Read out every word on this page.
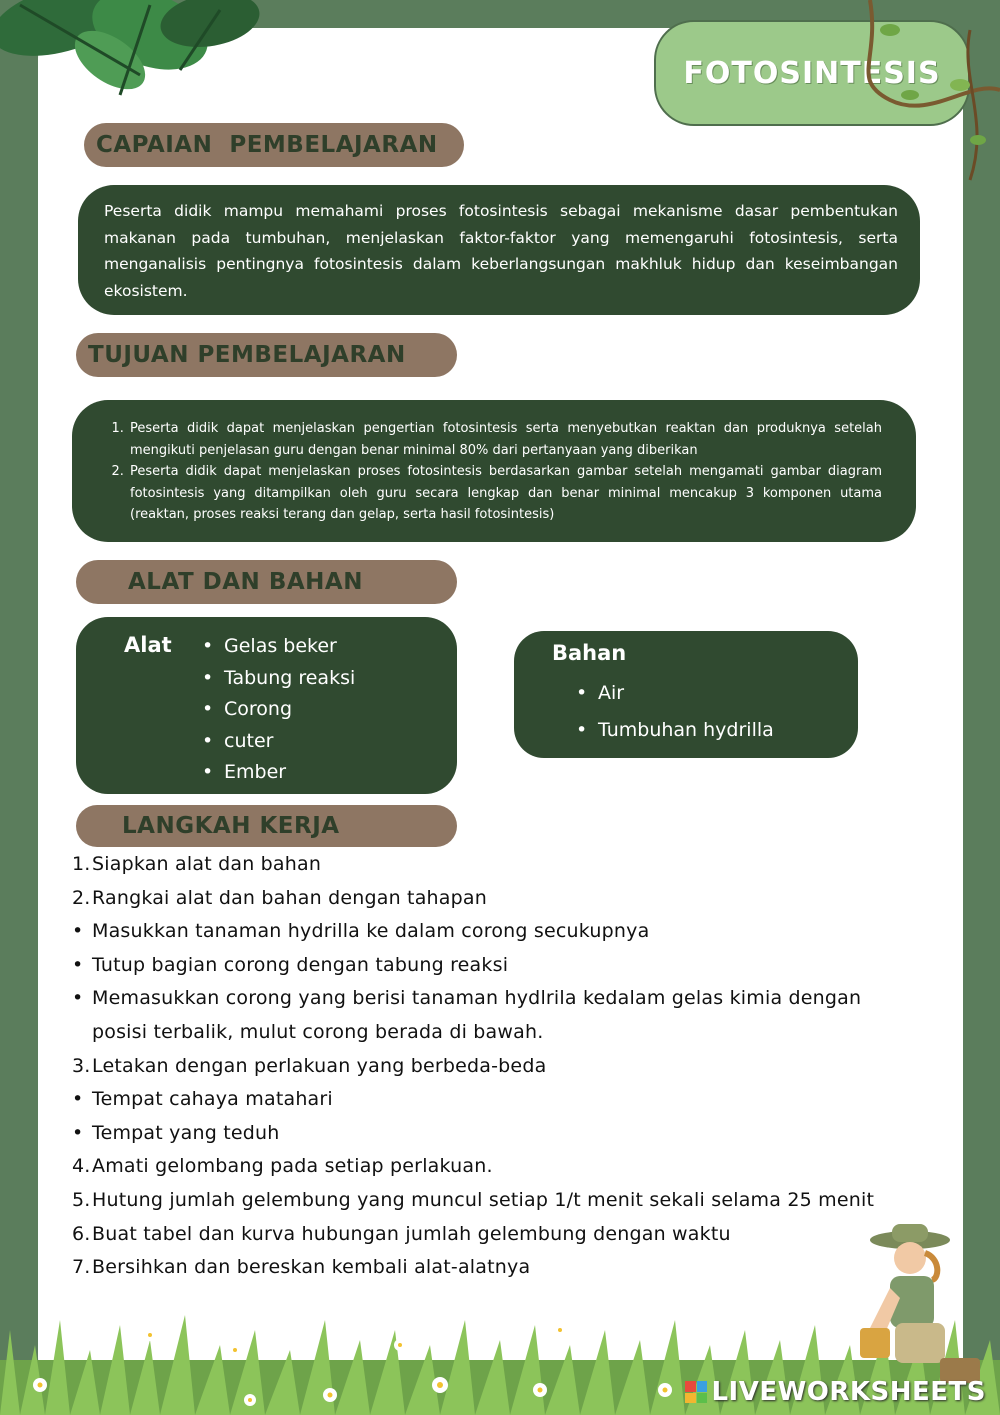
FOTOSINTESIS
CAPAIAN  PEMBELAJARAN
Peserta didik mampu memahami proses fotosintesis sebagai mekanisme dasar pembentukan makanan pada tumbuhan, menjelaskan faktor-faktor yang memengaruhi fotosintesis, serta menganalisis pentingnya fotosintesis dalam keberlangsungan makhluk hidup dan keseimbangan ekosistem.
TUJUAN PEMBELAJARAN
1. Peserta didik dapat menjelaskan pengertian fotosintesis serta menyebutkan reaktan dan produknya setelah mengikuti penjelasan guru dengan benar minimal 80% dari pertanyaan yang diberikan
2. Peserta didik dapat menjelaskan proses fotosintesis berdasarkan gambar setelah mengamati gambar diagram fotosintesis yang ditampilkan oleh guru secara lengkap dan benar minimal mencakup 3 komponen utama (reaktan, proses reaksi terang dan gelap, serta hasil fotosintesis)
ALAT DAN BAHAN
Alat
•	Gelas beker
• Tabung reaksi
• Corong
• cuter
• Ember
Bahan
• Air
• Tumbuhan hydrilla
LANGKAH KERJA
1. Siapkan alat dan bahan
2. Rangkai alat dan bahan dengan tahapan
• Masukkan tanaman hydrilla ke dalam corong secukupnya
• Tutup bagian corong dengan tabung reaksi
• Memasukkan corong yang berisi tanaman hydlrila kedalam gelas kimia dengan posisi terbalik, mulut corong berada di bawah.
3. Letakan dengan perlakuan yang berbeda-beda
• Tempat cahaya matahari
• Tempat yang teduh
4. Amati gelombang pada setiap perlakuan.
5. Hutung jumlah gelembung yang muncul setiap 1/t menit sekali selama 25 menit
6. Buat tabel dan kurva hubungan jumlah gelembung dengan waktu
7. Bersihkan dan bereskan kembali alat-alatnya
LIVEWORKSHEETS
